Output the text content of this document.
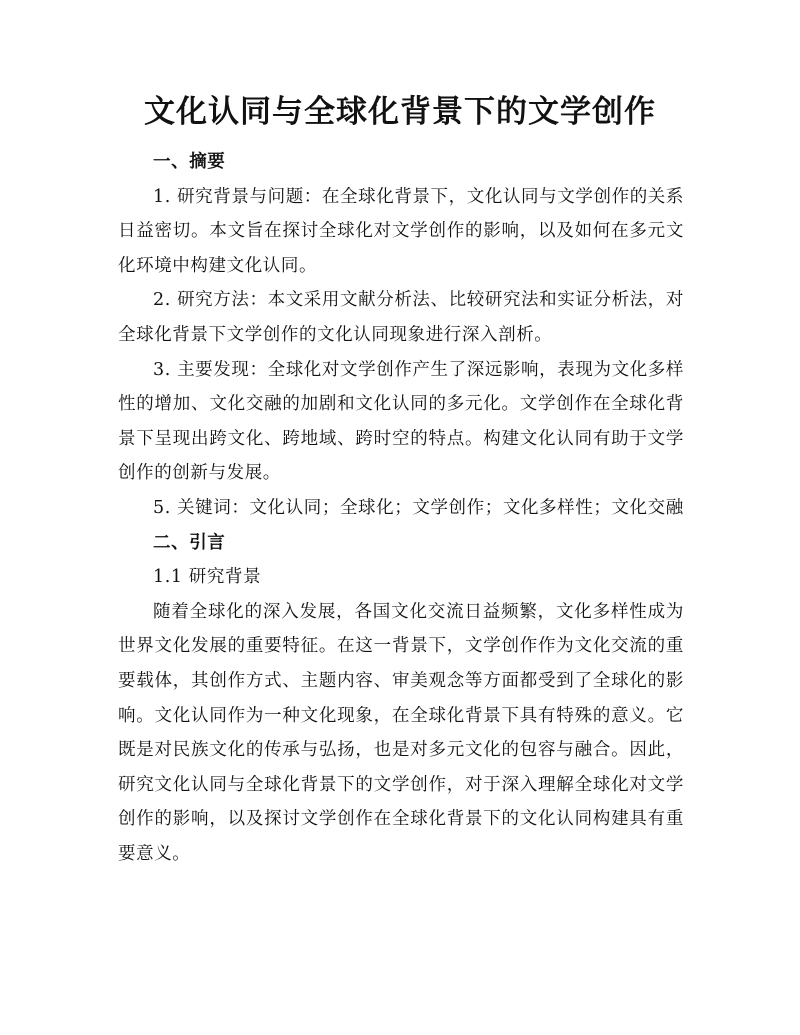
文化认同与全球化背景下的文学创作
一、摘要

1. 研究背景与问题：在全球化背景下，文化认同与文学创作的关系日益密切。本文旨在探讨全球化对文学创作的影响，以及如何在多元文化环境中构建文化认同。

2. 研究方法：本文采用文献分析法、比较研究法和实证分析法，对全球化背景下文学创作的文化认同现象进行深入剖析。

3. 主要发现：全球化对文学创作产生了深远影响，表现为文化多样性的增加、文化交融的加剧和文化认同的多元化。文学创作在全球化背景下呈现出跨文化、跨地域、跨时空的特点。构建文化认同有助于文学创作的创新与发展。

5. 关键词：文化认同；全球化；文学创作；文化多样性；文化交融

二、引言
1.1 研究背景

随着全球化的深入发展，各国文化交流日益频繁，文化多样性成为世界文化发展的重要特征。在这一背景下，文学创作作为文化交流的重要载体，其创作方式、主题内容、审美观念等方面都受到了全球化的影响。文化认同作为一种文化现象，在全球化背景下具有特殊的意义。它既是对民族文化的传承与弘扬，也是对多元文化的包容与融合。因此，研究文化认同与全球化背景下的文学创作，对于深入理解全球化对文学创作的影响，以及探讨文学创作在全球化背景下的文化认同构建具有重要意义。
